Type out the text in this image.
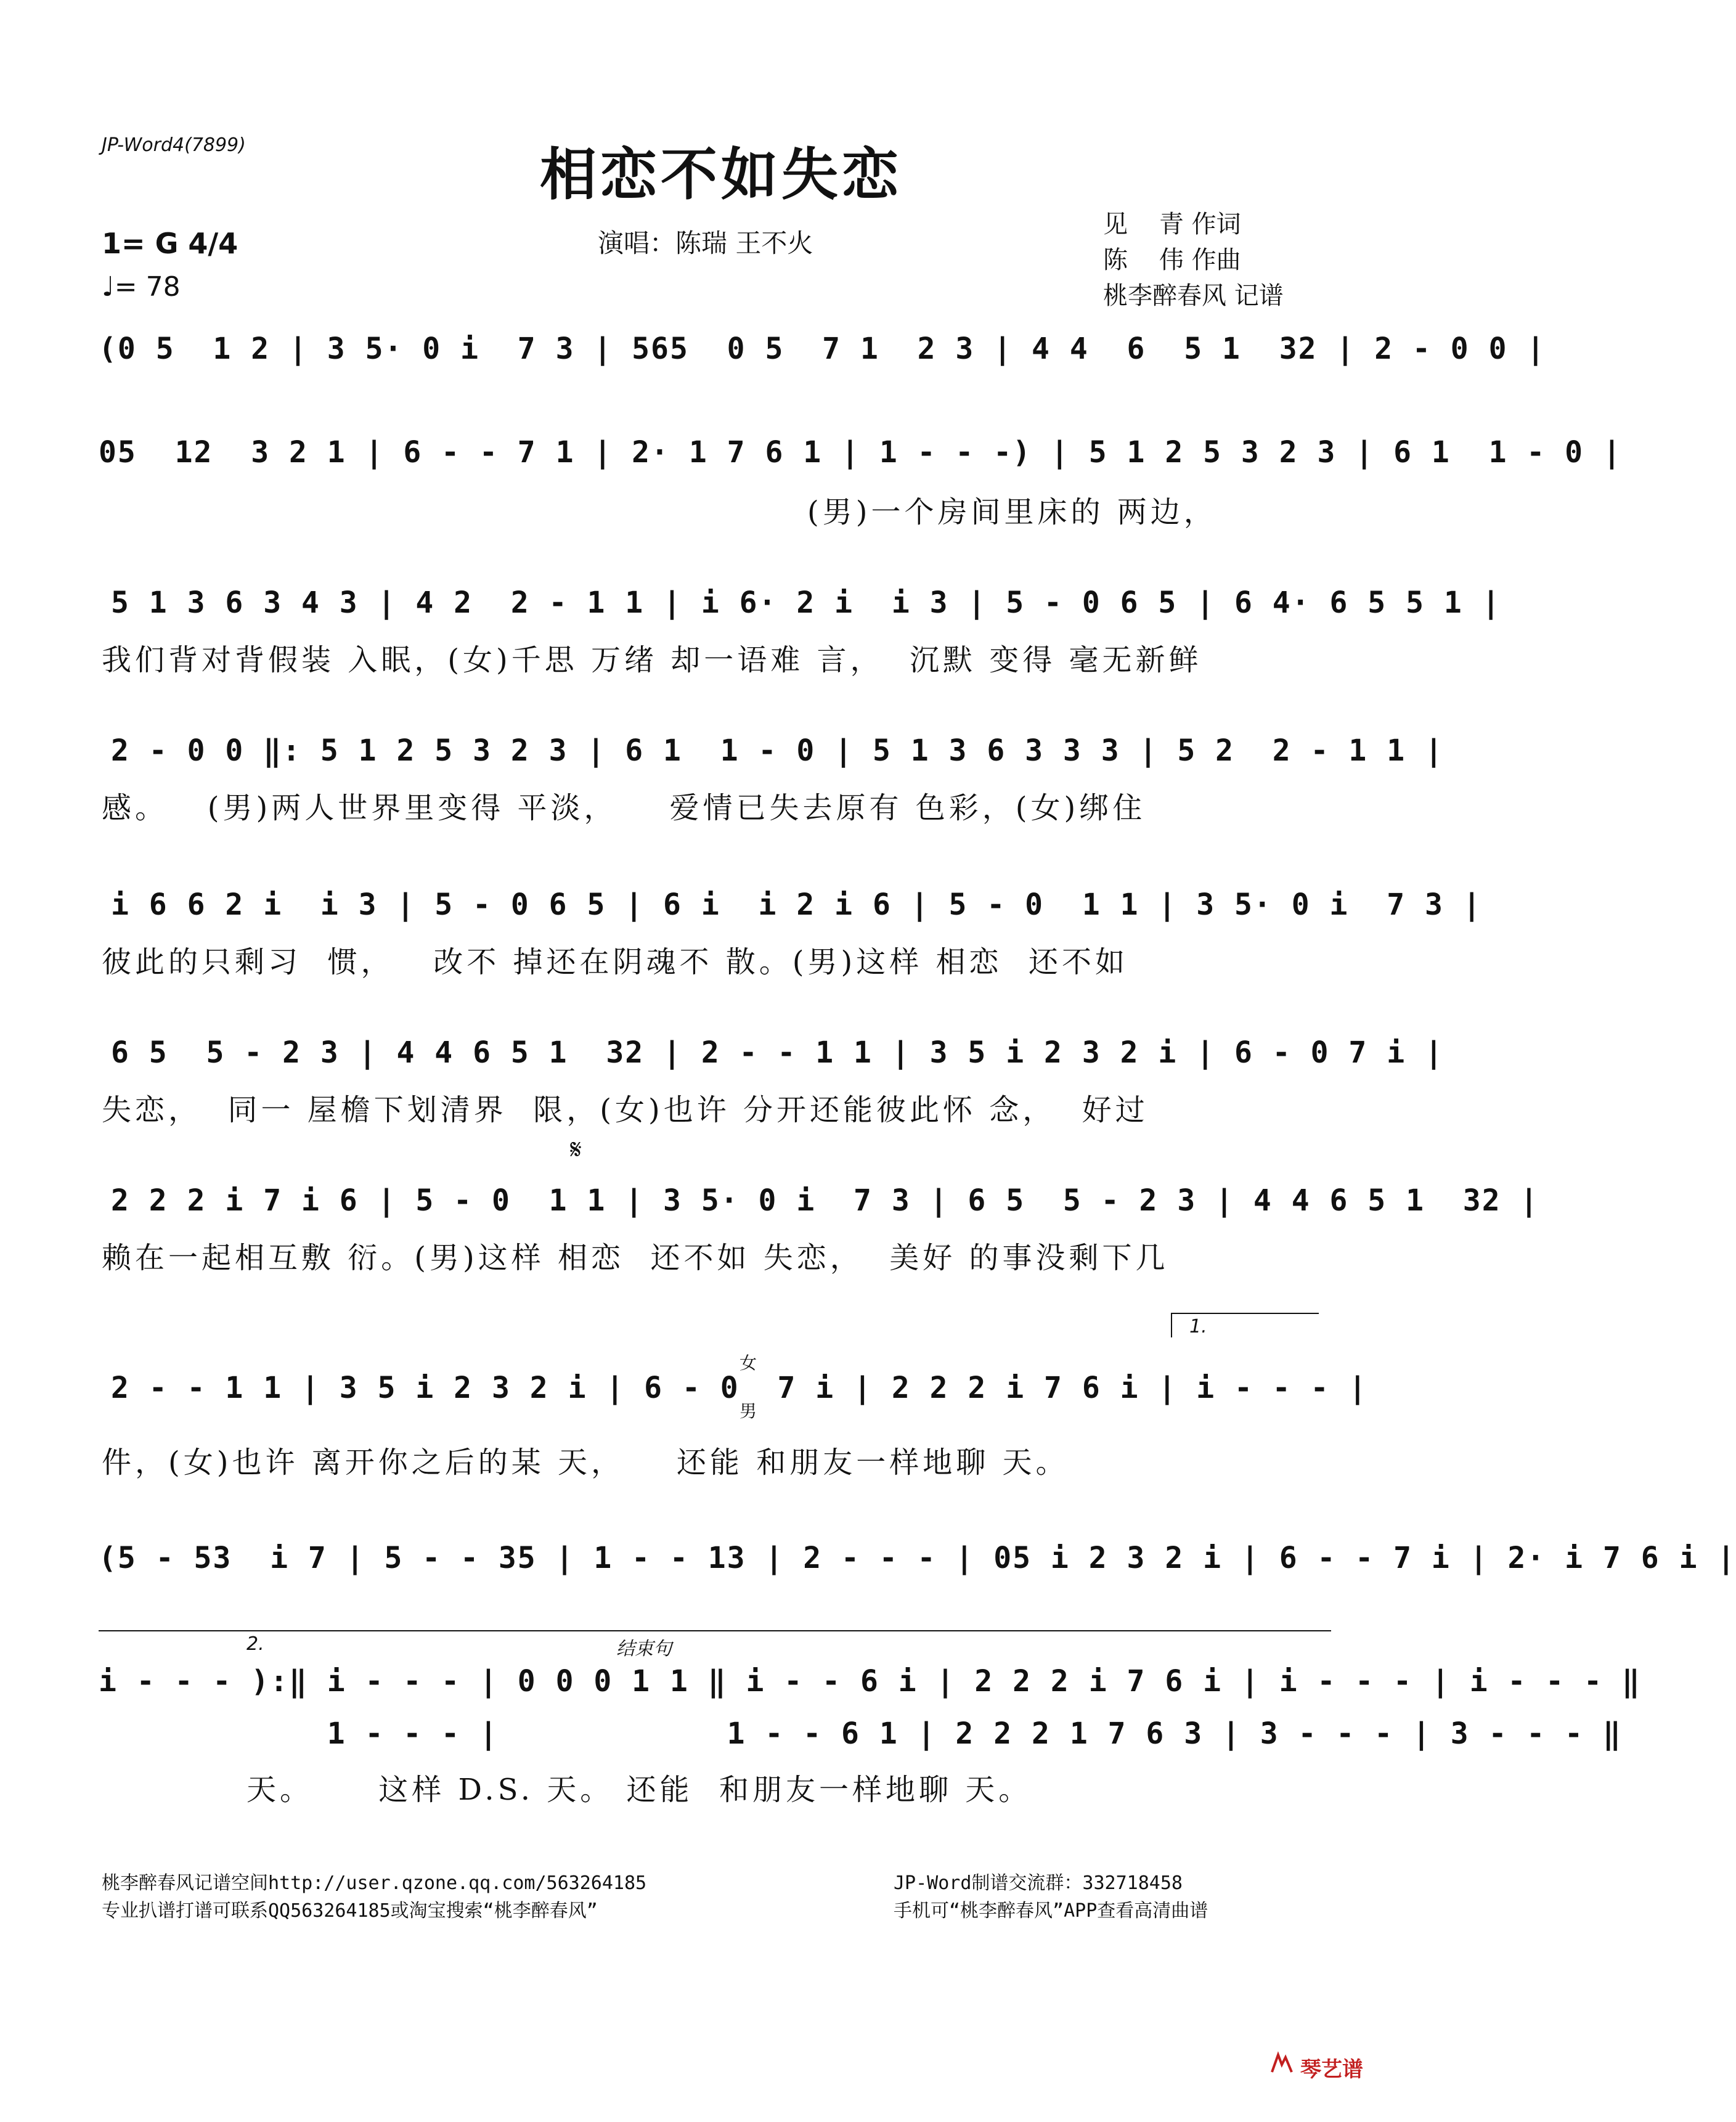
JP-Word4(7899)	相恋不如失恋
1= G 4/4
♩= 78
演唱：陈瑞 王不火
见    青 作词
陈    伟 作曲
桃李醉春风 记谱
(0 5  1 2 | 3 5· 0 i  7 3 | 565  0 5  7 1  2 3 | 4 4  6  5 1  32 | 2 - 0 0 |
05  12  3 2 1 | 6 - - 7 1 | 2· 1 7 6 1 | 1 - - -) | 5 1 2 5 3 2 3 | 6 1  1 - 0 |
(男)一个房间里床的 两边，
5 1 3 6 3 4 3 | 4 2  2 - 1 1 | i 6· 2 i  i 3 | 5 - 0 6 5 | 6 4· 6 5 5 1 |
我们背对背假装 入眠，(女)千思 万绪 却一语难 言，  沉默 变得 毫无新鲜
2 - 0 0 ‖: 5 1 2 5 3 2 3 | 6 1  1 - 0 | 5 1 3 6 3 3 3 | 5 2  2 - 1 1 |
感。   (男)两人世界里变得 平淡，    爱情已失去原有 色彩，(女)绑住
i 6 6 2 i  i 3 | 5 - 0 6 5 | 6 i  i 2 i 6 | 5 - 0  1 1 | 3 5· 0 i  7 3 |
彼此的只剩习  惯，   改不 掉还在阴魂不 散。(男)这样 相恋  还不如
6 5  5 - 2 3 | 4 4 6 5 1  32 | 2 - - 1 1 | 3 5 i 2 3 2 i | 6 - 0 7 i |
失恋，  同一 屋檐下划清界  限，(女)也许 分开还能彼此怀 念，  好过
𝄋
2 2 2 i 7 i 6 | 5 - 0  1 1 | 3 5· 0 i  7 3 | 6 5  5 - 2 3 | 4 4 6 5 1  32 |
赖在一起相互敷 衍。(男)这样 相恋  还不如 失恋，  美好 的事没剩下几
1.
女
男
2 - - 1 1 | 3 5 i 2 3 2 i | 6 - 0  7 i | 2 2 2 i 7 6 i | i - - - |
件，(女)也许 离开你之后的某 天，    还能 和朋友一样地聊 天。
(5 - 53  i 7 | 5 - - 35 | 1 - - 13 | 2 - - - | 05 i 2 3 2 i | 6 - - 7 i | 2· i 7 6 i |
2.	结束句
i - - - ):‖ i - - - | 0 0 0 1 1 ‖ i - - 6 i | 2 2 2 i 7 6 i | i - - - | i - - - ‖
1 - - - |            1 - - 6 1 | 2 2 2 1 7 6 3 | 3 - - - | 3 - - - ‖
天。     这样 D.S. 天。 还能  和朋友一样地聊 天。
桃李醉春风记谱空间http://user.qzone.qq.com/563264185
专业扒谱打谱可联系QQ563264185或淘宝搜索“桃李醉春风”
JP-Word制谱交流群：332718458
手机可“桃李醉春风”APP查看高清曲谱
琴艺谱
